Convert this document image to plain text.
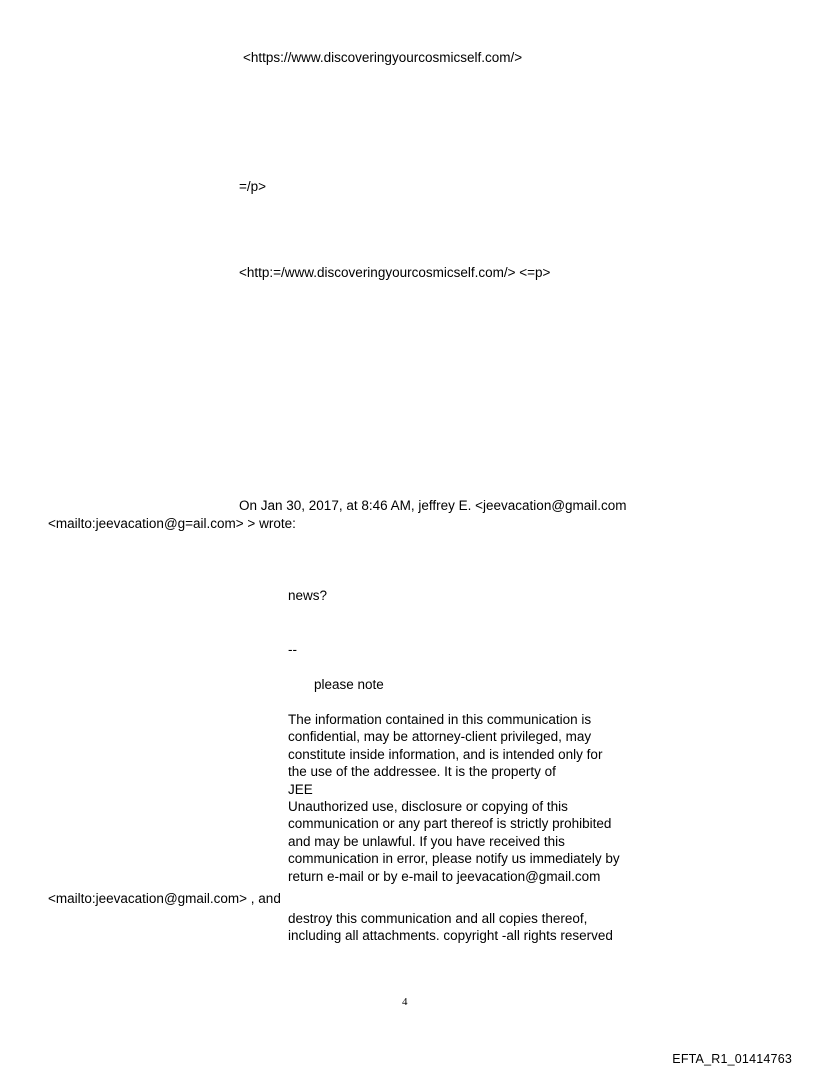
<https://www.discoveringyourcosmicself.com/>
=/p>
<http:=/www.discoveringyourcosmicself.com/> <=p>
On Jan 30, 2017, at 8:46 AM, jeffrey E. <jeevacation@gmail.com
<mailto:jeevacation@g=ail.com> > wrote:
news?
--
please note
The information contained in this communication is
confidential, may be attorney-client privileged, may
constitute inside information, and is intended only for
the use of the addressee. It is the property of
JEE
Unauthorized use, disclosure or copying of this
communication or any part thereof is strictly prohibited
and may be unlawful. If you have received this
communication in error, please notify us immediately by
return e-mail or by e-mail to jeevacation@gmail.com
<mailto:jeevacation@gmail.com> , and
destroy this communication and all copies thereof,
including all attachments. copyright -all rights reserved
4
EFTA_R1_01414763
